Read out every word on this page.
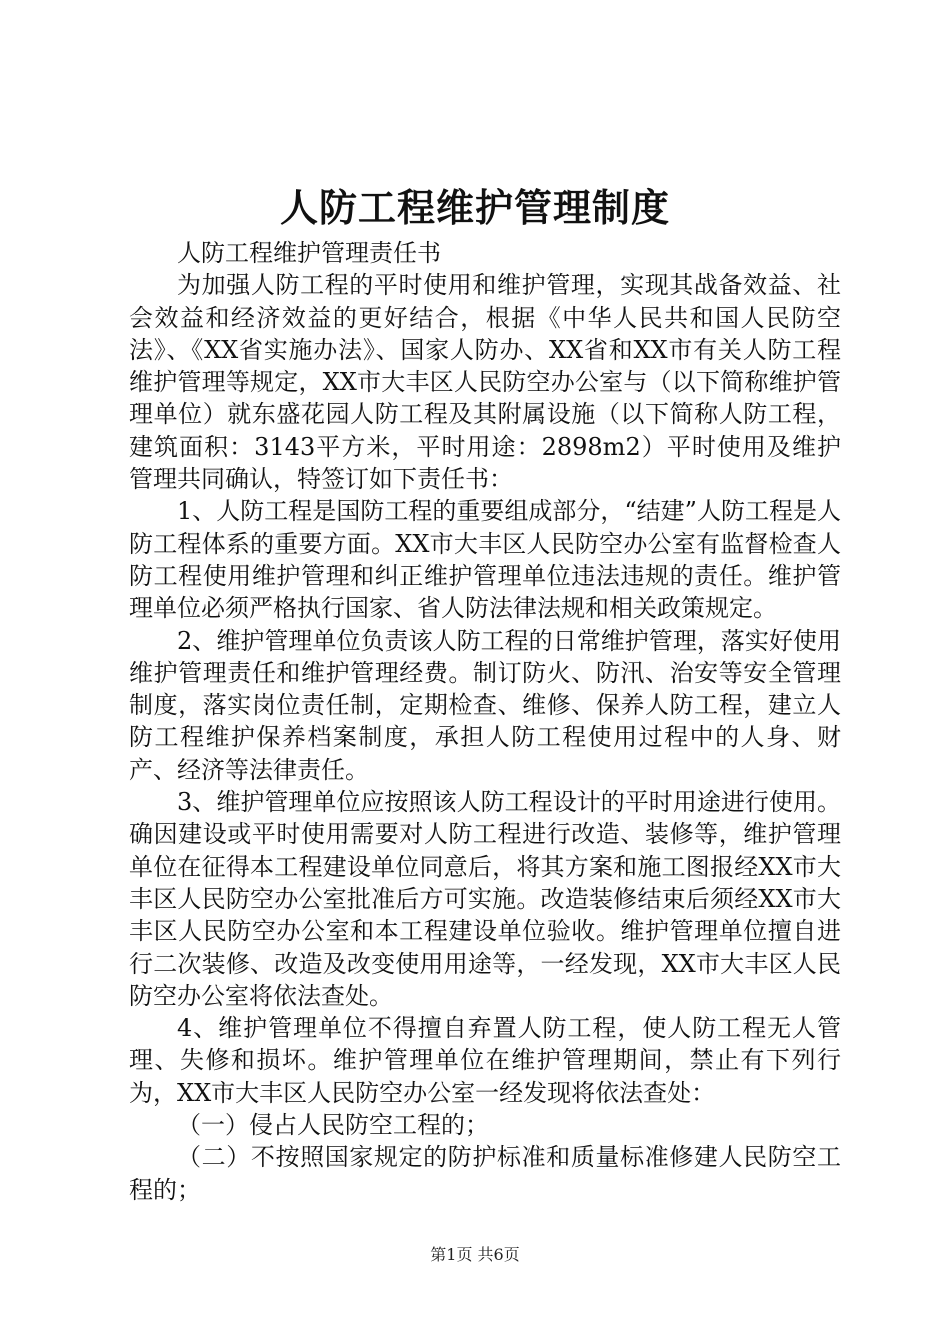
人防工程维护管理制度

人防工程维护管理责任书

为加强人防工程的平时使用和维护管理，实现其战备效益、社会效益和经济效益的更好结合，根据《中华人民共和国人民防空法》、《XX省实施办法》、国家人防办、XX省和XX市有关人防工程维护管理等规定，XX市大丰区人民防空办公室与（以下简称维护管理单位）就东盛花园人防工程及其附属设施（以下简称人防工程，建筑面积：3143平方米，平时用途：2898m2）平时使用及维护管理共同确认，特签订如下责任书：

1、人防工程是国防工程的重要组成部分，“结建”人防工程是人防工程体系的重要方面。XX市大丰区人民防空办公室有监督检查人防工程使用维护管理和纠正维护管理单位违法违规的责任。维护管理单位必须严格执行国家、省人防法律法规和相关政策规定。

2、维护管理单位负责该人防工程的日常维护管理，落实好使用维护管理责任和维护管理经费。制订防火、防汛、治安等安全管理制度，落实岗位责任制，定期检查、维修、保养人防工程，建立人防工程维护保养档案制度，承担人防工程使用过程中的人身、财产、经济等法律责任。

3、维护管理单位应按照该人防工程设计的平时用途进行使用。确因建设或平时使用需要对人防工程进行改造、装修等，维护管理单位在征得本工程建设单位同意后，将其方案和施工图报经XX市大丰区人民防空办公室批准后方可实施。改造装修结束后须经XX市大丰区人民防空办公室和本工程建设单位验收。维护管理单位擅自进行二次装修、改造及改变使用用途等，一经发现，XX市大丰区人民防空办公室将依法查处。

4、维护管理单位不得擅自弃置人防工程，使人防工程无人管理、失修和损坏。维护管理单位在维护管理期间，禁止有下列行为，XX市大丰区人民防空办公室一经发现将依法查处：

（一）侵占人民防空工程的；

（二）不按照国家规定的防护标准和质量标准修建人民防空工程的；

第1页 共6页
